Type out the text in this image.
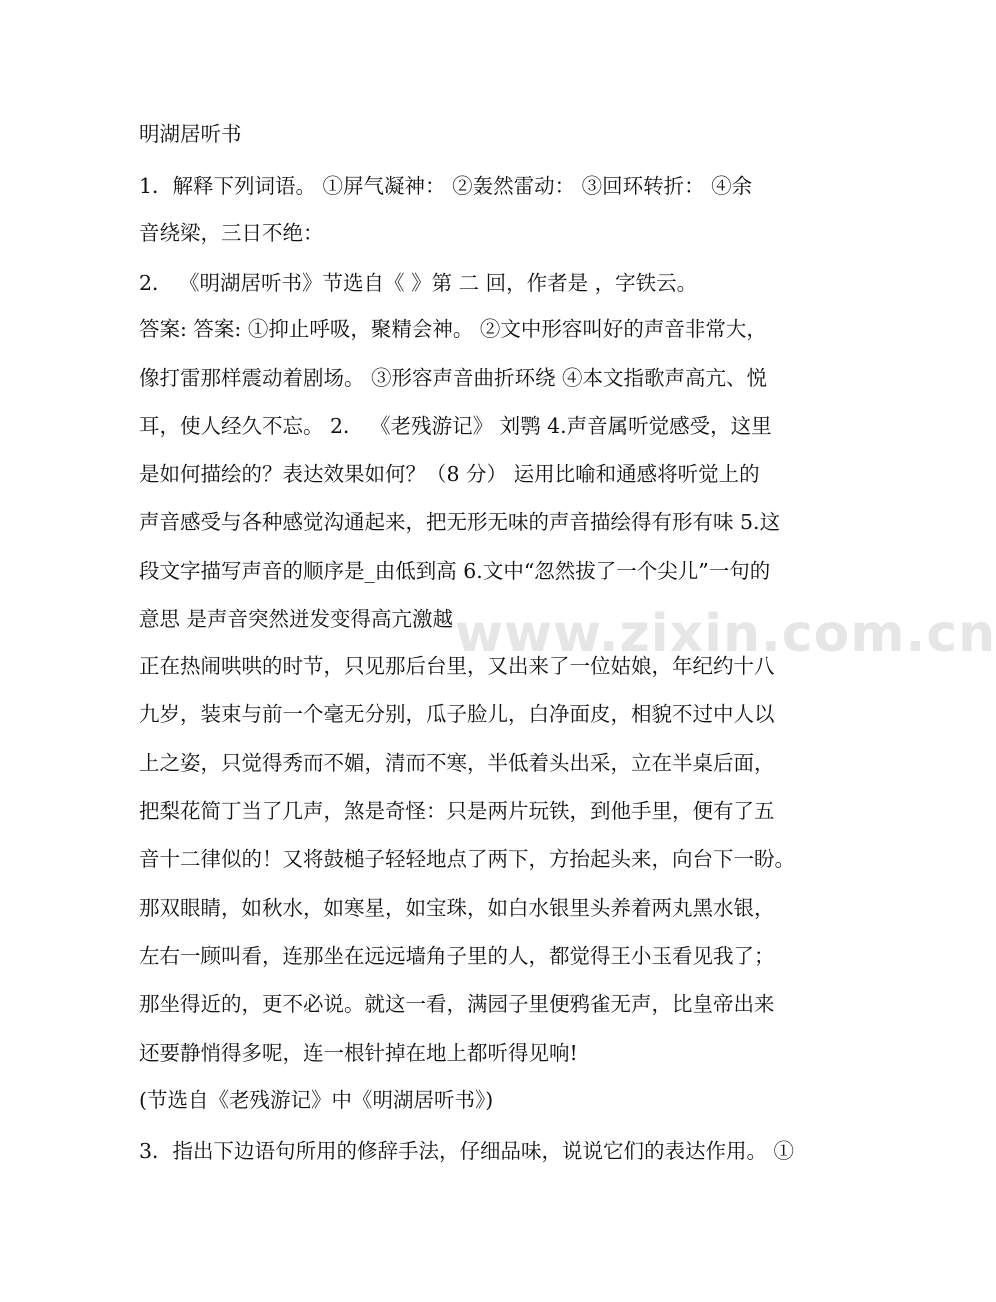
明湖居听书
1．解释下列词语。 ①屏气凝神： ②轰然雷动： ③回环转折： ④余
音绕梁，三日不绝：
2． 《明湖居听书》节选自《 》第 二 回，作者是 ，字铁云。
答案: 答案: ①抑止呼吸，聚精会神。 ②文中形容叫好的声音非常大，
像打雷那样震动着剧场。 ③形容声音曲折环绕 ④本文指歌声高亢、悦
耳，使人经久不忘。 2． 《老残游记》 刘鹗 4.声音属听觉感受，这里
是如何描绘的？表达效果如何？（8 分） 运用比喻和通感将听觉上的
声音感受与各种感觉沟通起来，把无形无味的声音描绘得有形有味 5.这
段文字描写声音的顺序是_由低到高 6.文中“忽然拔了一个尖儿”一句的
意思 是声音突然迸发变得高亢激越
正在热闹哄哄的时节，只见那后台里，又出来了一位姑娘，年纪约十八
九岁，装束与前一个毫无分别，瓜子脸儿，白净面皮，相貌不过中人以
上之姿，只觉得秀而不媚，清而不寒，半低着头出采，立在半桌后面，
把梨花简丁当了几声，煞是奇怪：只是两片玩铁，到他手里，便有了五
音十二律似的！又将鼓槌子轻轻地点了两下，方抬起头来，向台下一盼。
那双眼睛，如秋水，如寒星，如宝珠，如白水银里头养着两丸黑水银，
左右一顾叫看，连那坐在远远墙角子里的人，都觉得王小玉看见我了；
那坐得近的，更不必说。就这一看，满园子里便鸦雀无声，比皇帝出来
还要静悄得多呢，连一根针掉在地上都听得见响!
(节选自《老残游记》中《明湖居听书》)
3．指出下边语句所用的修辞手法，仔细品味，说说它们的表达作用。 ①
www.zixin.com.cn
